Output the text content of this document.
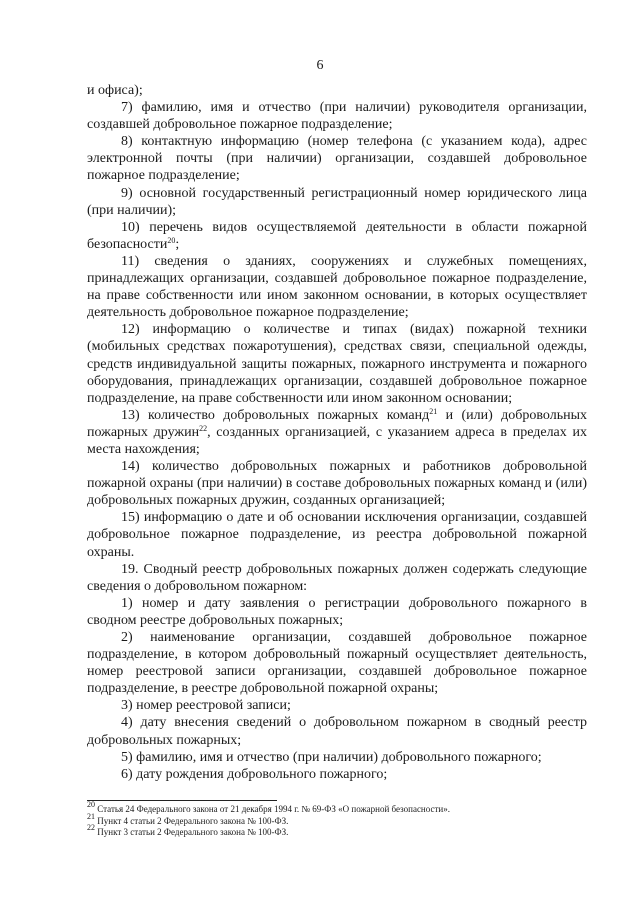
6

и офиса);

7) фамилию, имя и отчество (при наличии) руководителя организации, создавшей добровольное пожарное подразделение;

8) контактную информацию (номер телефона (с указанием кода), адрес электронной почты (при наличии) организации, создавшей добровольное пожарное подразделение;

9) основной государственный регистрационный номер юридического лица (при наличии);

10) перечень видов осуществляемой деятельности в области пожарной безопасности$^{20}$;

11) сведения о зданиях, сооружениях и служебных помещениях, принадлежащих организации, создавшей добровольное пожарное подразделение, на праве собственности или ином законном основании, в которых осуществляет деятельность добровольное пожарное подразделение;

12) информацию о количестве и типах (видах) пожарной техники (мобильных средствах пожаротушения), средствах связи, специальной одежды, средств индивидуальной защиты пожарных, пожарного инструмента и пожарного оборудования, принадлежащих организации, создавшей добровольное пожарное подразделение, на праве собственности или ином законном основании;

13) количество добровольных пожарных команд$^{21}$ и (или) добровольных пожарных дружин$^{22}$, созданных организацией, с указанием адреса в пределах их места нахождения;

14) количество добровольных пожарных и работников добровольной пожарной охраны (при наличии) в составе добровольных пожарных команд и (или) добровольных пожарных дружин, созданных организацией;

15) информацию о дате и об основании исключения организации, создавшей добровольное пожарное подразделение, из реестра добровольной пожарной охраны.

19. Сводный реестр добровольных пожарных должен содержать следующие сведения о добровольном пожарном:

1) номер и дату заявления о регистрации добровольного пожарного в сводном реестре добровольных пожарных;

2) наименование организации, создавшей добровольное пожарное подразделение, в котором добровольный пожарный осуществляет деятельность, номер реестровой записи организации, создавшей добровольное пожарное подразделение, в реестре добровольной пожарной охраны;

3) номер реестровой записи;

4) дату внесения сведений о добровольном пожарном в сводный реестр добровольных пожарных;

5) фамилию, имя и отчество (при наличии) добровольного пожарного;

6) дату рождения добровольного пожарного;

$^{20}$ Статья 24 Федерального закона от 21 декабря 1994 г. № 69-ФЗ «О пожарной безопасности».
$^{21}$ Пункт 4 статьи 2 Федерального закона № 100-ФЗ.
$^{22}$ Пункт 3 статьи 2 Федерального закона № 100-ФЗ.
